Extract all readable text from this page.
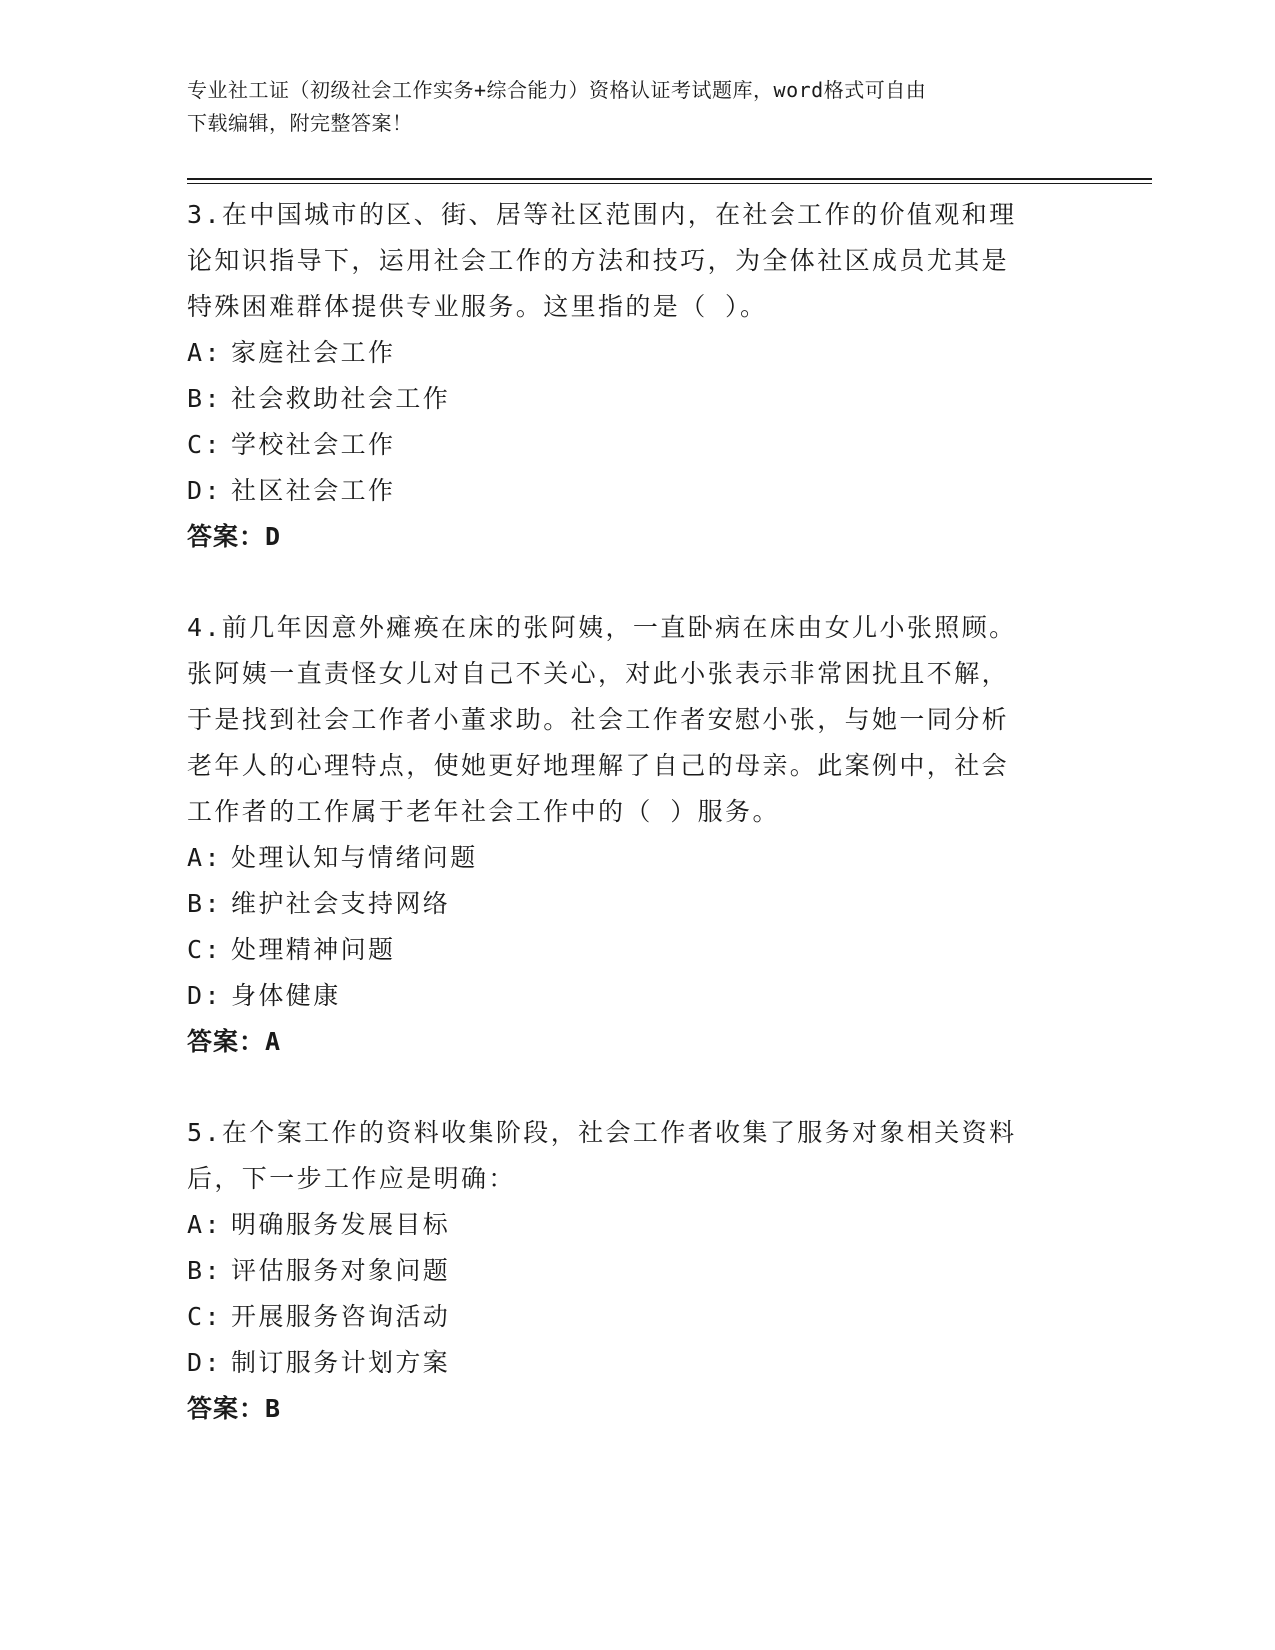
专业社工证（初级社会工作实务+综合能力）资格认证考试题库，word格式可自由
下载编辑，附完整答案！
3.在中国城市的区、街、居等社区范围内，在社会工作的价值观和理
论知识指导下，运用社会工作的方法和技巧，为全体社区成员尤其是
特殊困难群体提供专业服务。这里指的是（ ）。
A: 家庭社会工作
B: 社会救助社会工作
C: 学校社会工作
D: 社区社会工作
答案：D
4.前几年因意外瘫痪在床的张阿姨，一直卧病在床由女儿小张照顾。
张阿姨一直责怪女儿对自己不关心，对此小张表示非常困扰且不解，
于是找到社会工作者小董求助。社会工作者安慰小张，与她一同分析
老年人的心理特点，使她更好地理解了自己的母亲。此案例中，社会
工作者的工作属于老年社会工作中的（ ）服务。
A: 处理认知与情绪问题
B: 维护社会支持网络
C: 处理精神问题
D: 身体健康
答案：A
5.在个案工作的资料收集阶段，社会工作者收集了服务对象相关资料
后，下一步工作应是明确：
A: 明确服务发展目标
B: 评估服务对象问题
C: 开展服务咨询活动
D: 制订服务计划方案
答案：B
